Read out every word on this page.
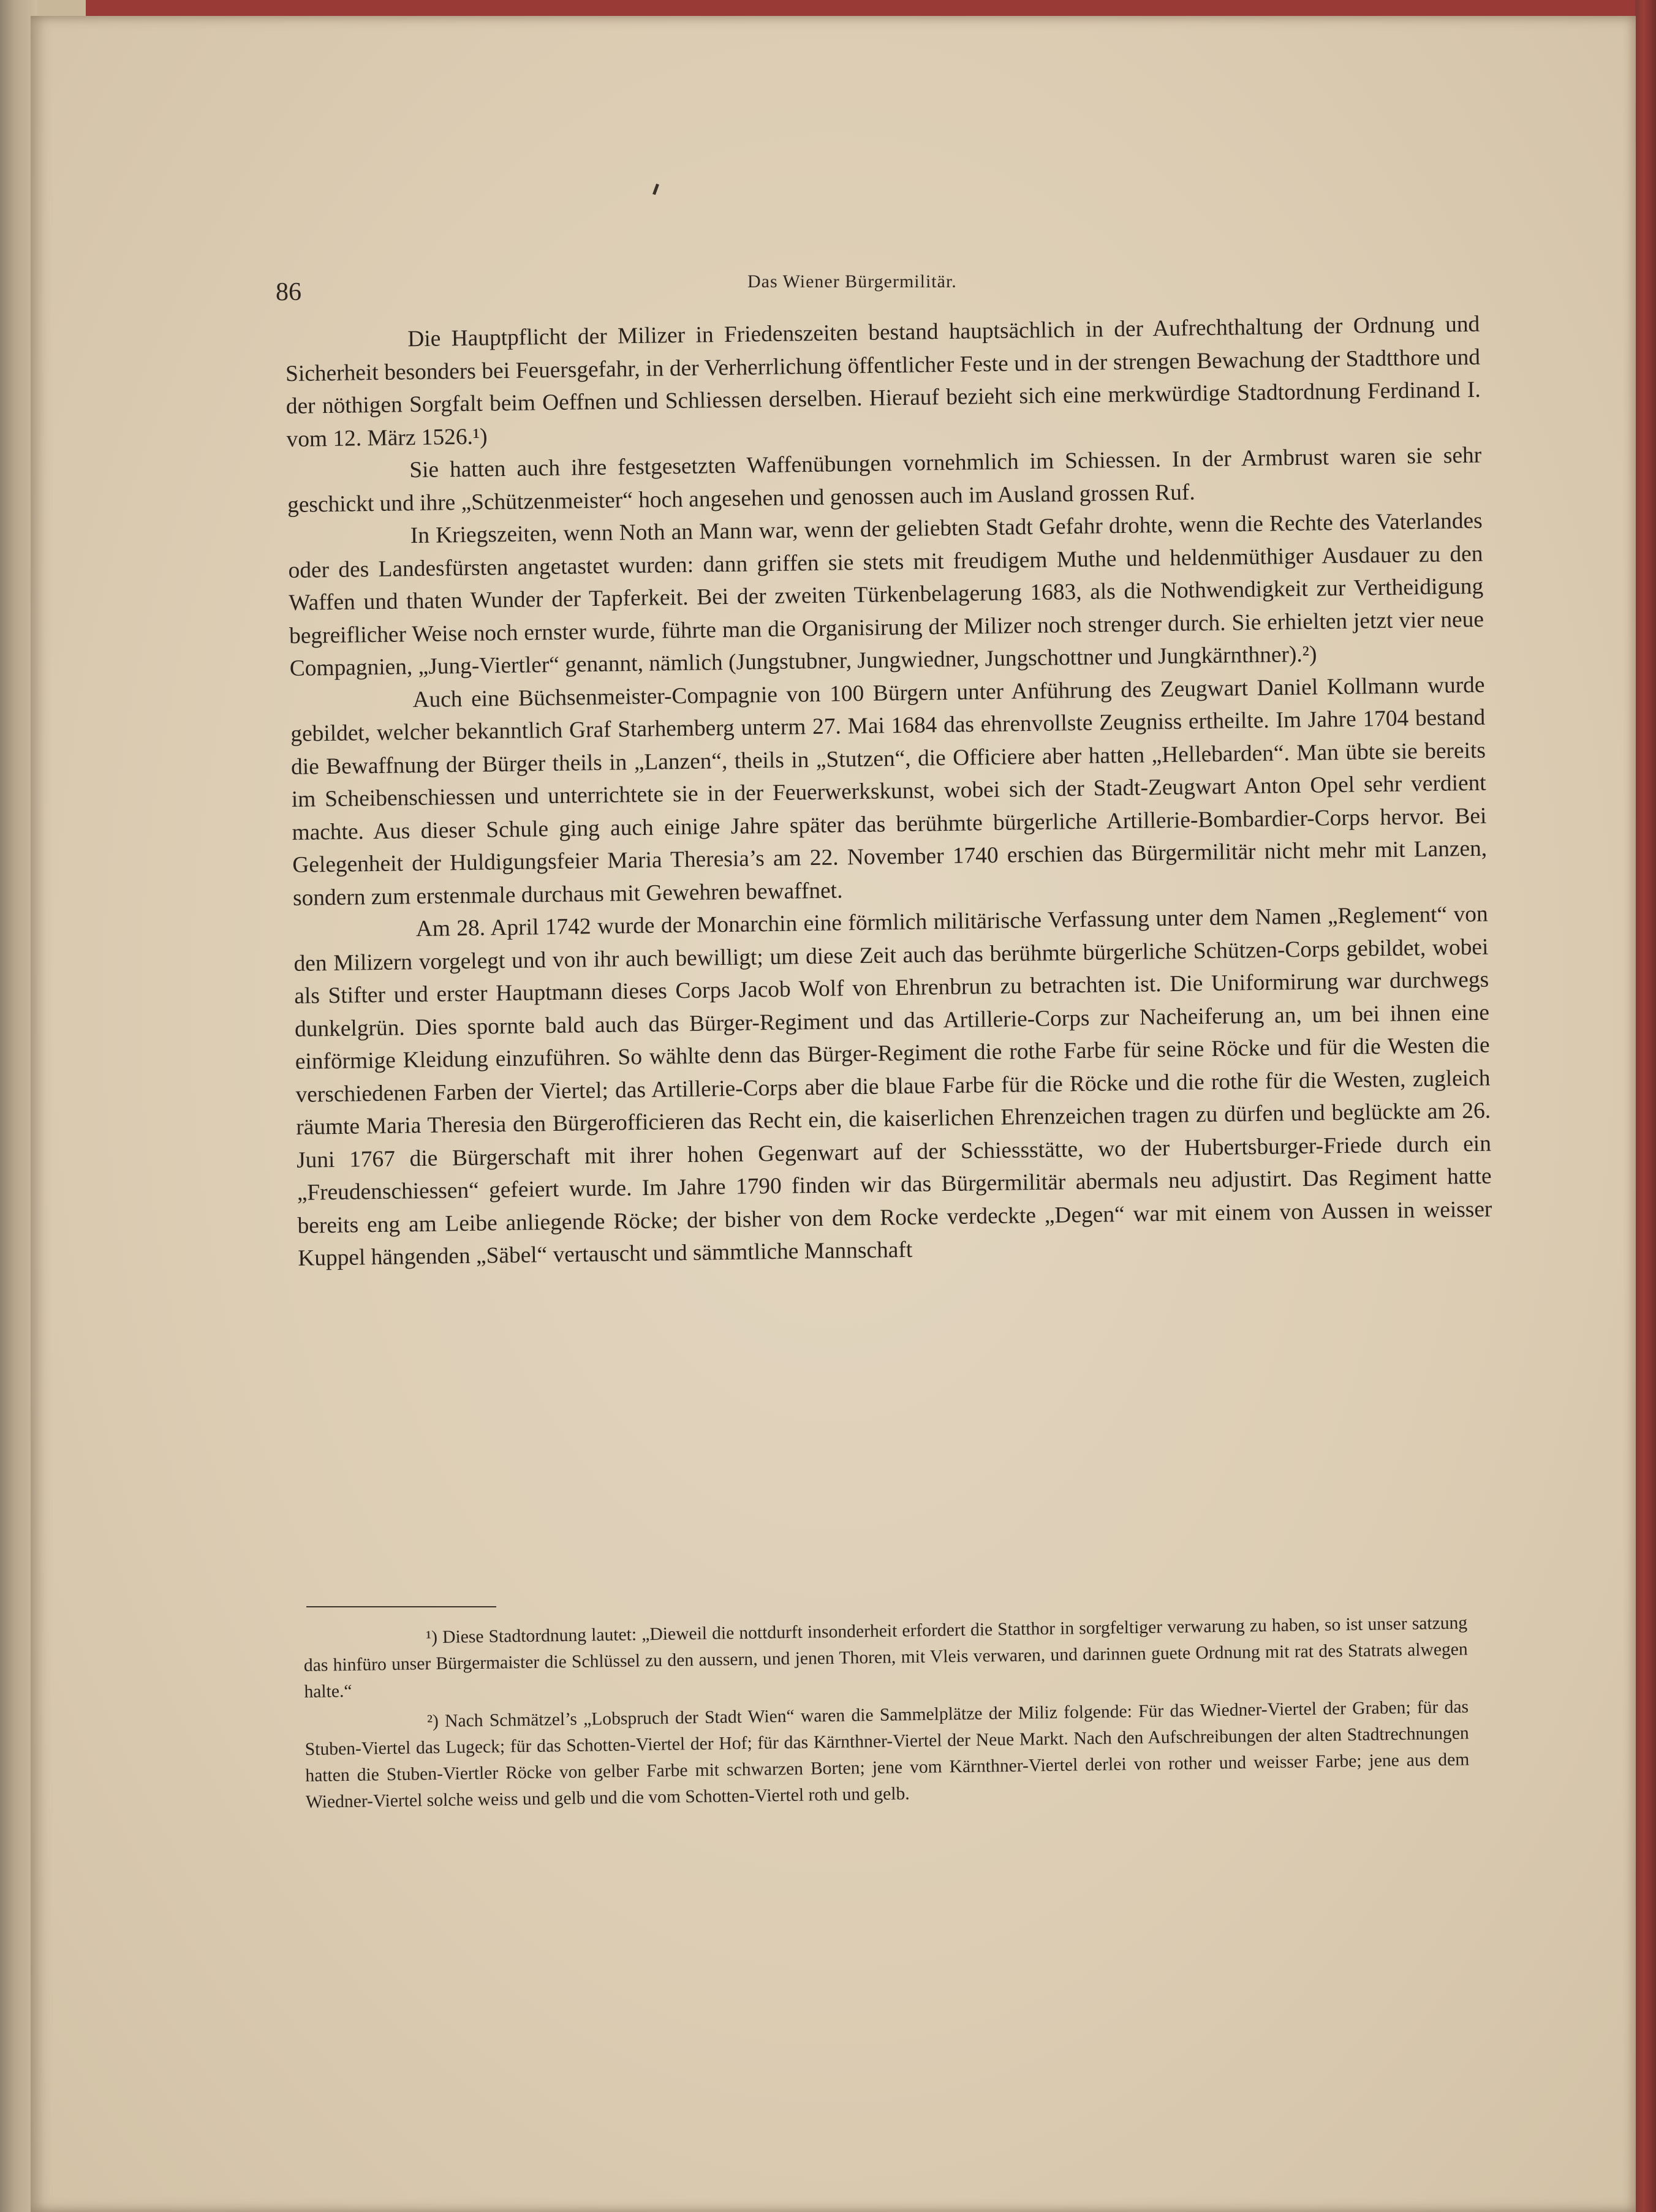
86	Das Wiener Bürgermilitär.

Die Hauptpflicht der Milizer in Friedenszeiten bestand hauptsächlich in der Aufrechthaltung der Ordnung und Sicherheit besonders bei Feuersgefahr, in der Verherrlichung öffentlicher Feste und in der strengen Bewachung der Stadtthore und der nöthigen Sorgfalt beim Oeffnen und Schliessen derselben. Hierauf bezieht sich eine merkwürdige Stadtordnung Ferdinand I. vom 12. März 1526.¹)

Sie hatten auch ihre festgesetzten Waffenübungen vornehmlich im Schiessen. In der Armbrust waren sie sehr geschickt und ihre „Schützenmeister“ hoch angesehen und genossen auch im Ausland grossen Ruf.

In Kriegszeiten, wenn Noth an Mann war, wenn der geliebten Stadt Gefahr drohte, wenn die Rechte des Vaterlandes oder des Landesfürsten angetastet wurden: dann griffen sie stets mit freudigem Muthe und heldenmüthiger Ausdauer zu den Waffen und thaten Wunder der Tapferkeit. Bei der zweiten Türkenbelagerung 1683, als die Nothwendigkeit zur Vertheidigung begreiflicher Weise noch ernster wurde, führte man die Organisirung der Milizer noch strenger durch. Sie erhielten jetzt vier neue Compagnien, „Jung-Viertler“ genannt, nämlich (Jungstubner, Jungwiedner, Jungschottner und Jungkärnthner).²)

Auch eine Büchsenmeister-Compagnie von 100 Bürgern unter Anführung des Zeugwart Daniel Kollmann wurde gebildet, welcher bekanntlich Graf Starhemberg unterm 27. Mai 1684 das ehrenvollste Zeugniss ertheilte. Im Jahre 1704 bestand die Bewaffnung der Bürger theils in „Lanzen“, theils in „Stutzen“, die Officiere aber hatten „Hellebarden“. Man übte sie bereits im Scheibenschiessen und unterrichtete sie in der Feuerwerkskunst, wobei sich der Stadt-Zeugwart Anton Opel sehr verdient machte. Aus dieser Schule ging auch einige Jahre später das berühmte bürgerliche Artillerie-Bombardier-Corps hervor. Bei Gelegenheit der Huldigungsfeier Maria Theresia’s am 22. November 1740 erschien das Bürgermilitär nicht mehr mit Lanzen, sondern zum erstenmale durchaus mit Gewehren bewaffnet.

Am 28. April 1742 wurde der Monarchin eine förmlich militärische Verfassung unter dem Namen „Reglement“ von den Milizern vorgelegt und von ihr auch bewilligt; um diese Zeit auch das berühmte bürgerliche Schützen-Corps gebildet, wobei als Stifter und erster Hauptmann dieses Corps Jacob Wolf von Ehrenbrun zu betrachten ist. Die Uniformirung war durchwegs dunkelgrün. Dies spornte bald auch das Bürger-Regiment und das Artillerie-Corps zur Nacheiferung an, um bei ihnen eine einförmige Kleidung einzuführen. So wählte denn das Bürger-Regiment die rothe Farbe für seine Röcke und für die Westen die verschiedenen Farben der Viertel; das Artillerie-Corps aber die blaue Farbe für die Röcke und die rothe für die Westen, zugleich räumte Maria Theresia den Bürgerofficieren das Recht ein, die kaiserlichen Ehrenzeichen tragen zu dürfen und beglückte am 26. Juni 1767 die Bürgerschaft mit ihrer hohen Gegenwart auf der Schiessstätte, wo der Hubertsburger-Friede durch ein „Freudenschiessen“ gefeiert wurde. Im Jahre 1790 finden wir das Bürgermilitär abermals neu adjustirt. Das Regiment hatte bereits eng am Leibe anliegende Röcke; der bisher von dem Rocke verdeckte „Degen“ war mit einem von Aussen in weisser Kuppel hängenden „Säbel“ vertauscht und sämmtliche Mannschaft

¹) Diese Stadtordnung lautet: „Dieweil die nottdurft insonderheit erfordert die Statthor in sorgfeltiger verwarung zu haben, so ist unser satzung das hinfüro unser Bürgermaister die Schlüssel zu den aussern, und jenen Thoren, mit Vleis verwaren, und darinnen guete Ordnung mit rat des Statrats alwegen halte.“

²) Nach Schmätzel’s „Lobspruch der Stadt Wien“ waren die Sammelplätze der Miliz folgende: Für das Wiedner-Viertel der Graben; für das Stuben-Viertel das Lugeck; für das Schotten-Viertel der Hof; für das Kärnthner-Viertel der Neue Markt. Nach den Aufschreibungen der alten Stadtrechnungen hatten die Stuben-Viertler Röcke von gelber Farbe mit schwarzen Borten; jene vom Kärnthner-Viertel derlei von rother und weisser Farbe; jene aus dem Wiedner-Viertel solche weiss und gelb und die vom Schotten-Viertel roth und gelb.
